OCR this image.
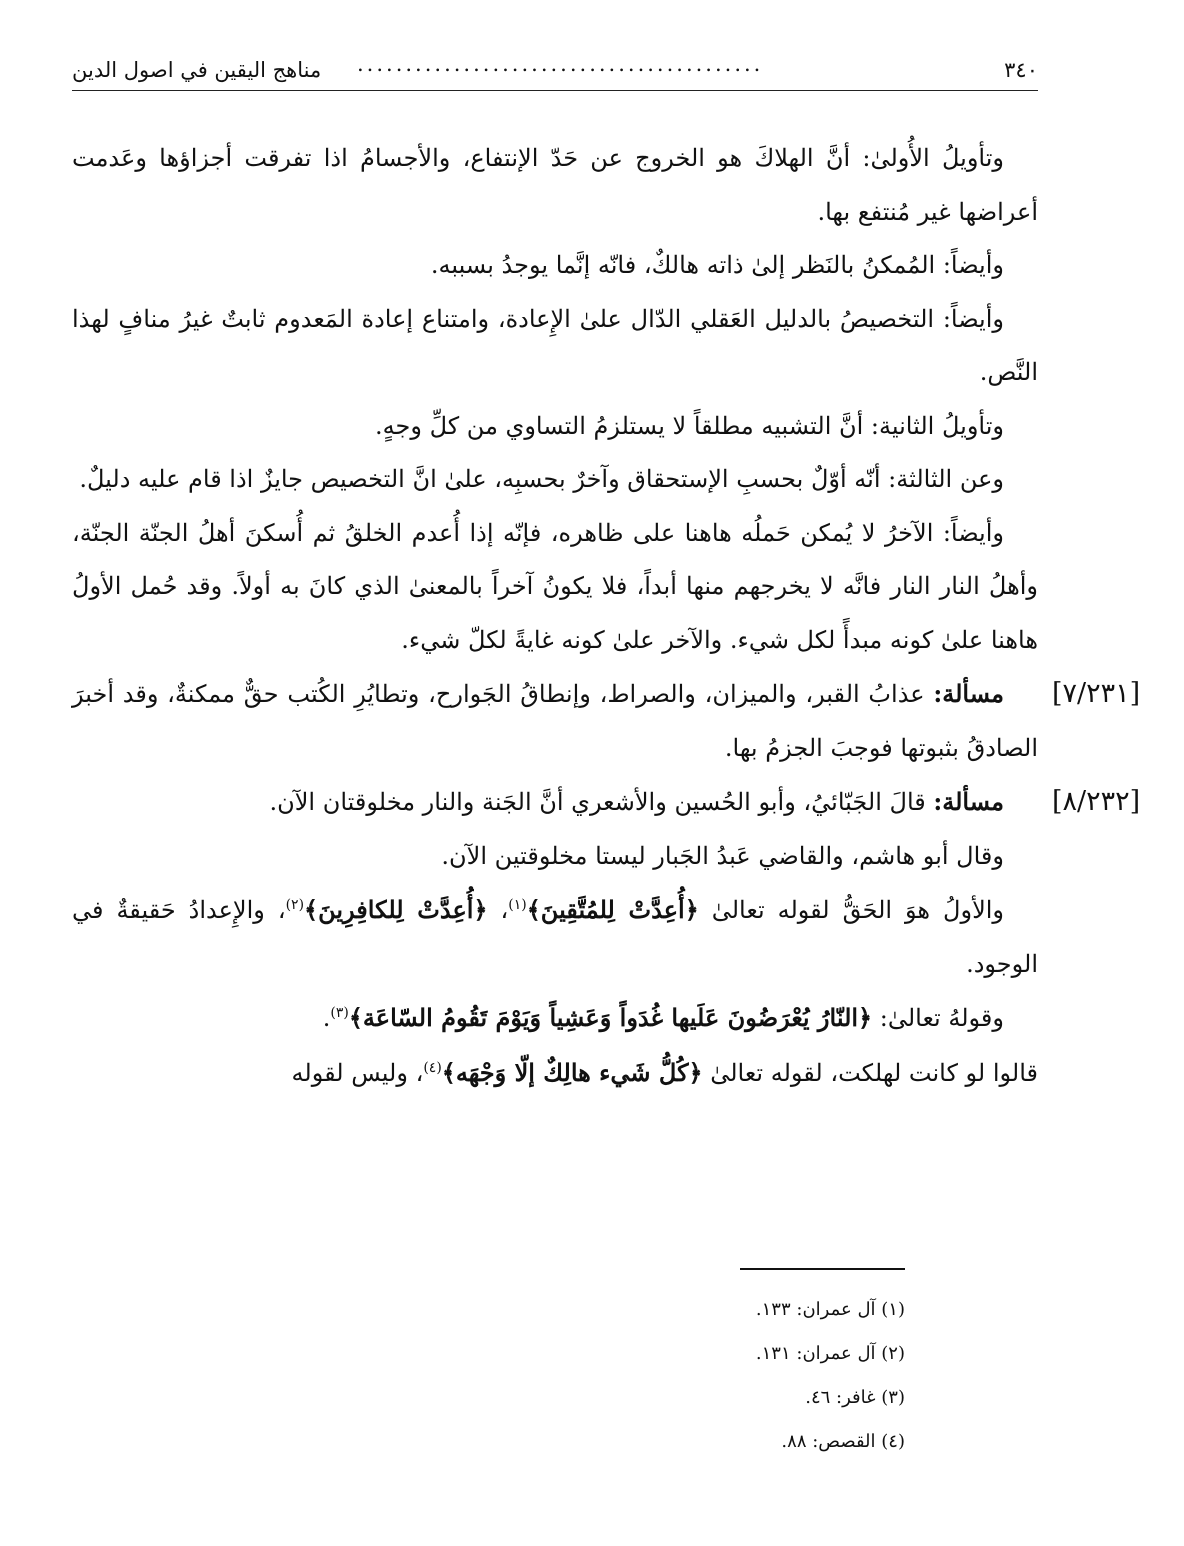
٣٤٠
..........................................
مناهج اليقين في اصول الدين

وتأويلُ الأُولىٰ: أنَّ الهلاكَ هو الخروج عن حَدّ الإنتفاع، والأجسامُ اذا تفرقت أجزاؤها وعَدمت أعراضها غير مُنتفع بها.

وأيضاً: المُمكنُ بالنَظر إلىٰ ذاته هالكٌ، فانّه إنَّما يوجدُ بسببه.

وأيضاً: التخصيصُ بالدليل العَقلي الدّال علىٰ الإِعادة، وامتناع إعادة المَعدوم ثابتٌ غيرُ منافٍ لهذا النَّص.

وتأويلُ الثانية: أنَّ التشبيه مطلقاً لا يستلزمُ التساوي من كلِّ وجهٍ.

وعن الثالثة: أنّه أوّلٌ بحسبِ الإستحقاق وآخرٌ بحسبِه، علىٰ انَّ التخصيص جايزٌ اذا قام عليه دليلٌ.

وأيضاً: الآخرُ لا يُمكن حَملُه هاهنا على ظاهره، فإنّه إذا أُعدم الخلقُ ثم أُسكنَ أهلُ الجنّة الجنّة، وأهلُ النار النار فانَّه لا يخرجهم منها أبداً، فلا يكونُ آخراً بالمعنىٰ الذي كانَ به أولاً. وقد حُمل الأولُ هاهنا علىٰ كونه مبدأً لكل شيء. والآخر علىٰ كونه غايةً لكلّ شيء.

[٧/٢٣١]

مسألة: عذابُ القبر، والميزان، والصراط، وإنطاقُ الجَوارح، وتطايُرِ الكُتب حقٌّ ممكنةٌ، وقد أخبرَ الصادقُ بثبوتها فوجبَ الجزمُ بها.

[٨/٢٣٢]

مسألة: قالَ الجَبّائيُ، وأبو الحُسين والأشعري أنَّ الجَنة والنار مخلوقتان الآن.

وقال أبو هاشم، والقاضي عَبدُ الجَبار ليستا مخلوقتين الآن.

والأولُ هوَ الحَقُّ لقوله تعالىٰ ﴿أُعِدَّتْ لِلمُتَّقِينَ﴾$^{(١)}$، ﴿أُعِدَّتْ لِلكافِرِينَ﴾$^{(٢)}$، والإِعدادُ حَقيقةٌ في الوجود.

وقولهُ تعالىٰ: ﴿النّارُ يُعْرَضُونَ عَلَيها غُدَواً وَعَشِياً وَيَوْمَ تَقُومُ السّاعَة﴾$^{(٣)}$.

قالوا لو كانت لهلكت، لقوله تعالىٰ ﴿كُلُّ شَيء هالِكٌ إلّا وَجْهَه﴾$^{(٤)}$، وليس لقوله

(١) آل عمران: ١٣٣.
(٢) آل عمران: ١٣١.
(٣) غافر: ٤٦.
(٤) القصص: ٨٨.
